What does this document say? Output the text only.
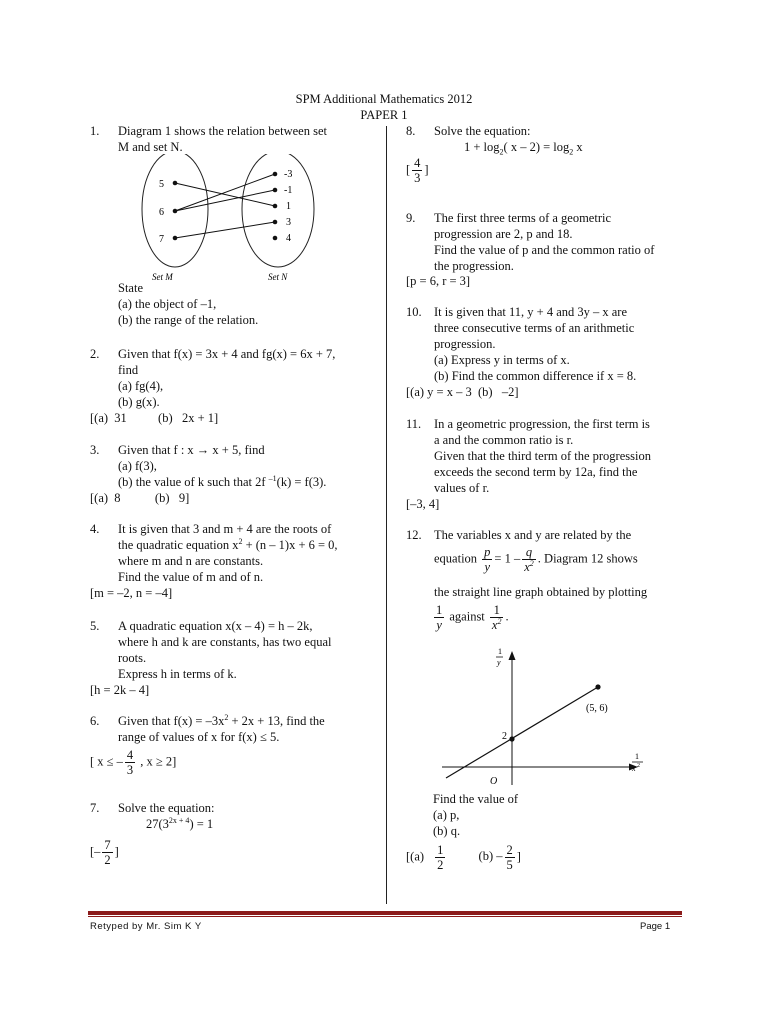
SPM Additional Mathematics 2012
PAPER 1
1. Diagram 1 shows the relation between set
M and set N.
5
6
7
-3
-1
1
3
4
Set M	Set N
State
(a) the object of –1,
(b) the range of the relation.
2. Given that f(x) = 3x + 4 and fg(x) = 6x + 7,
find
(a) fg(4),
(b) g(x).
[(a)  31          (b)   2x + 1]
3. Given that f : x → x + 5, find
(a) f(3),
(b) the value of k such that 2f $^{-1}$(k) = f(3).
[(a)  8           (b)   9]
4. It is given that 3 and m + 4 are the roots of
the quadratic equation $x^2 + (n - 1)x + 6 = 0$,
where m and n are constants.
Find the value of m and of n.
[m = –2, n = –4]
5. A quadratic equation x(x – 4) = h – 2k,
where h and k are constants, has two equal
roots.
Express h in terms of k.
[h = 2k – 4]
6. Given that $f(x) = -3x^2 + 2x + 13$, find the
range of values of x for f(x) ≤ 5.
[ x ≤ – $\frac{4}{3}$ , x ≥ 2]
7. Solve the equation:
$27(3^{2x + 4}) = 1$
[– $\frac{7}{2}$ ]
8. Solve the equation:
$1 + \log_2$( $x - 2) = \log_2 x$
[ $\frac{4}{3}$ ]
9. The first three terms of a geometric
progression are 2, p and 18.
Find the value of p and the common ratio of
the progression.
[p = 6, r = 3]
10. It is given that 11, y + 4 and 3y – x are
three consecutive terms of an arithmetic
progression.
(a) Express y in terms of x.
(b) Find the common difference if x = 8.
[(a) y = x – 3  (b)   –2]
11. In a geometric progression, the first term is
a and the common ratio is r.
Given that the third term of the progression
exceeds the second term by 12a, find the
values of r.
[–3, 4]
12. The variables x and y are related by the
equation $\frac{p}{y} = 1 - \frac{q}{x^2}$ . Diagram 12 shows
the straight line graph obtained by plotting
$\frac{1}{y}$ against $\frac{1}{x^2}$ .
2
(5, 6)
O
1
y
1
x 2
Find the value of
(a) p,
(b) q.
[$(a) \frac{1}{2}$	$(b) - \frac{2}{5}$ ]
Retyped by Mr. Sim K Y	Page 1
